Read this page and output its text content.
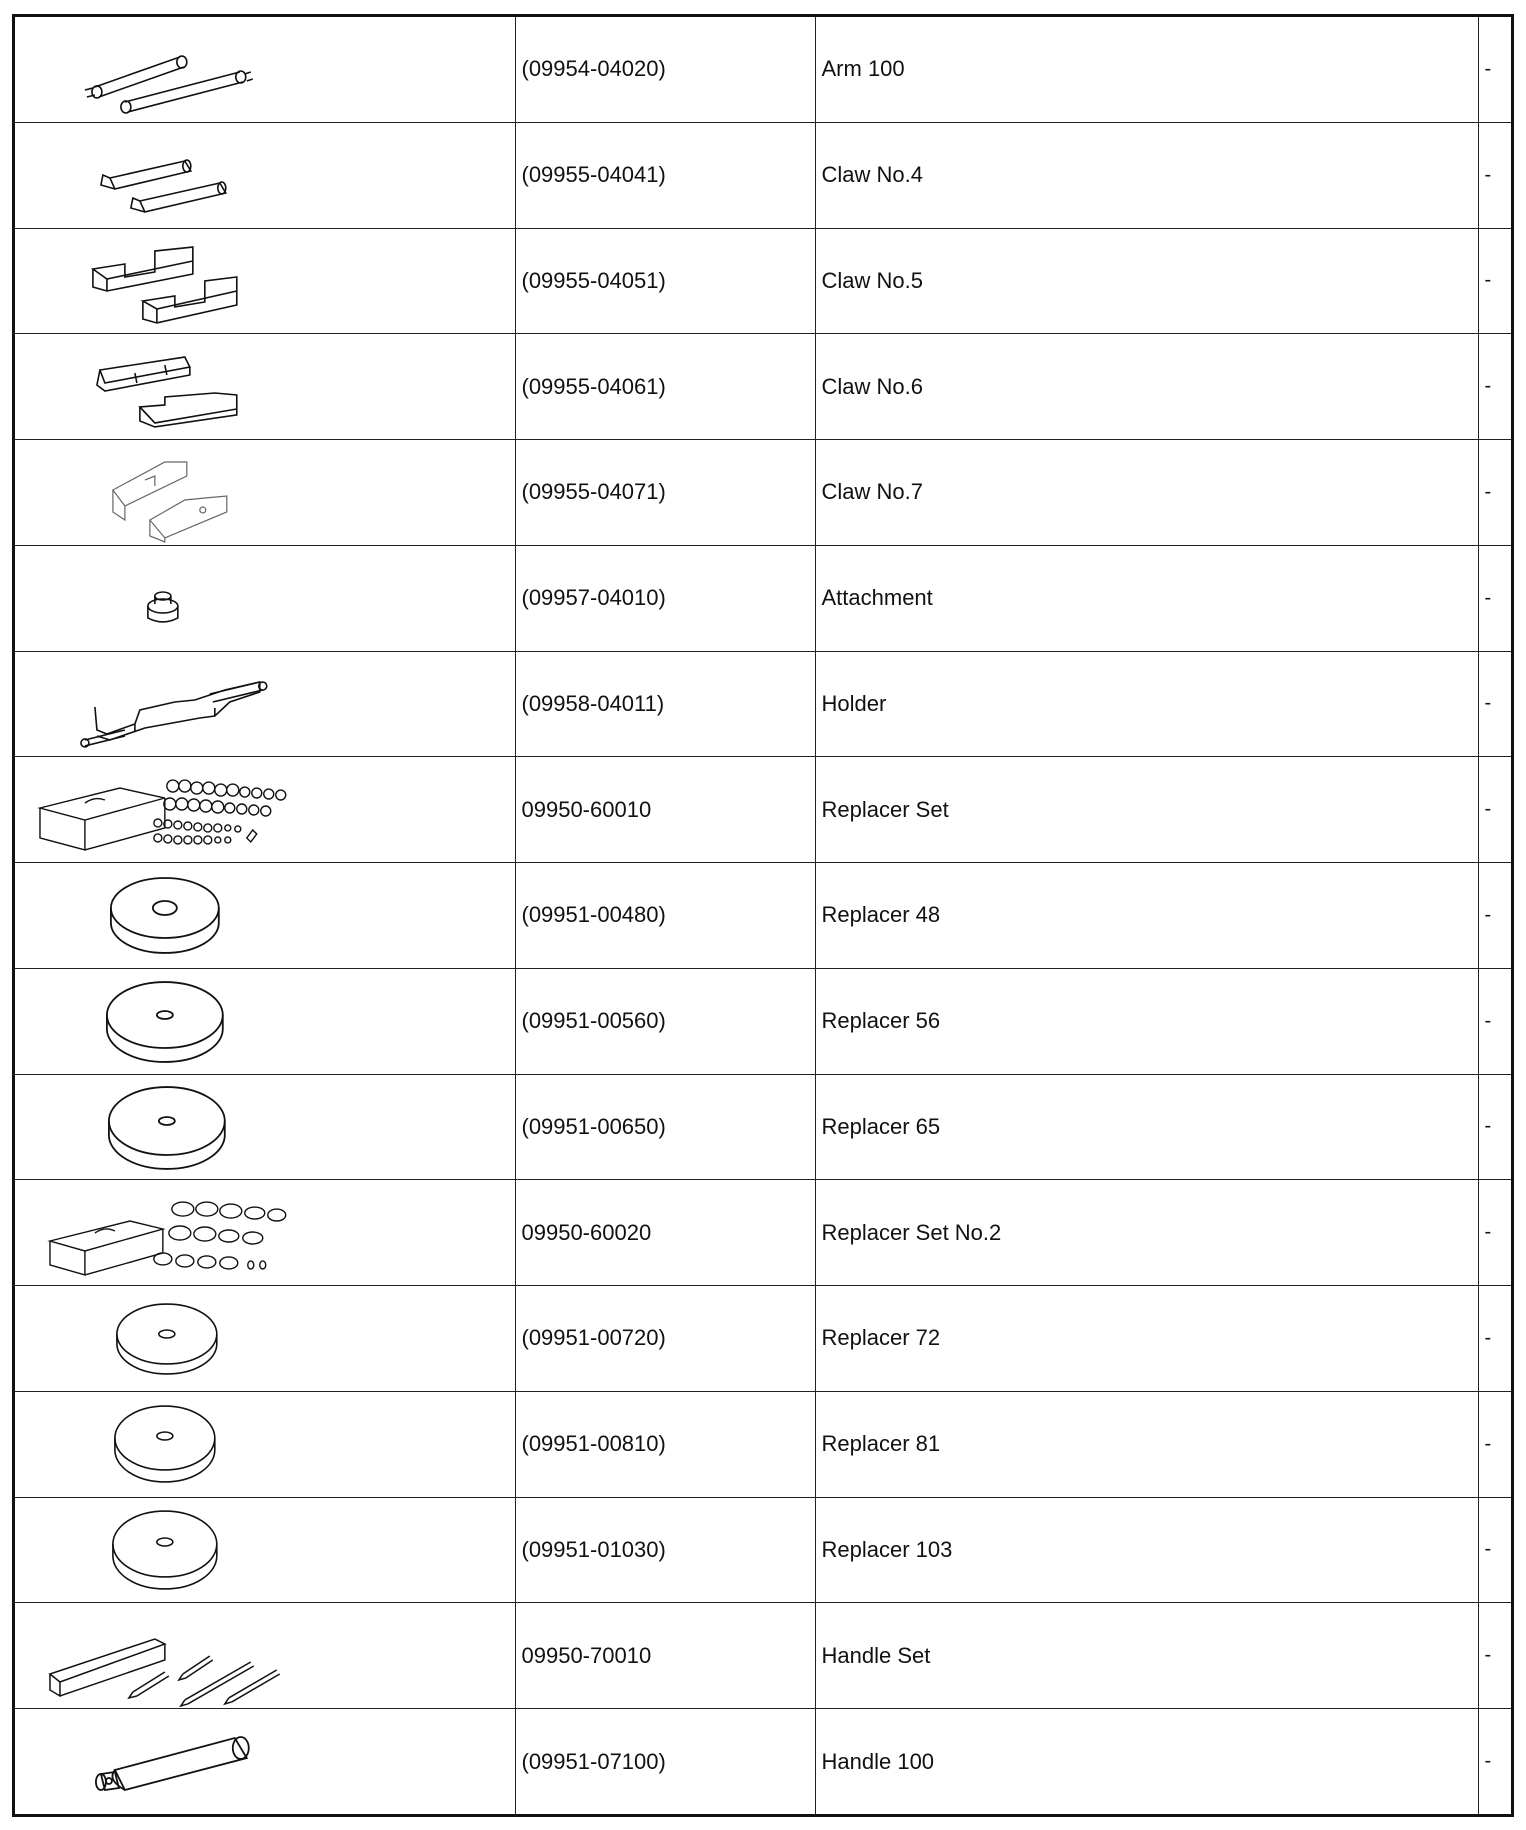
	(09954-04020)	Arm 100	-

	(09955-04041)	Claw No.4	-

	(09955-04051)	Claw No.5	-

	(09955-04061)	Claw No.6	-

	(09955-04071)	Claw No.7	-

	(09957-04010)	Attachment	-

	(09958-04011)	Holder	-

	09950-60010	Replacer Set	-

	(09951-00480)	Replacer 48	-

	(09951-00560)	Replacer 56	-

	(09951-00650)	Replacer 65	-

	09950-60020	Replacer Set No.2	-

	(09951-00720)	Replacer 72	-

	(09951-00810)	Replacer 81	-

	(09951-01030)	Replacer 103	-

	09950-70010	Handle Set	-

	(09951-07100)	Handle 100	-
